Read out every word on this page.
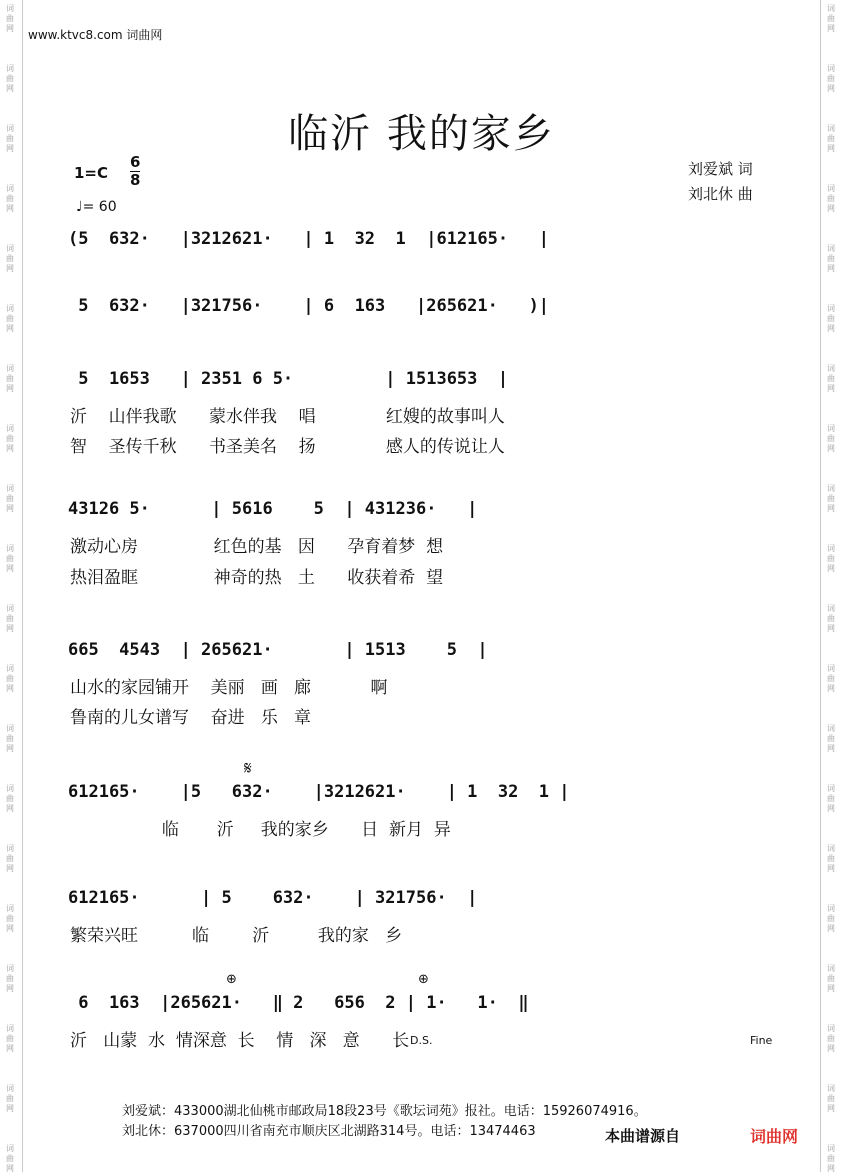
词
曲
网
词
曲
网
词
曲
网
词
曲
网
词
曲
网
词
曲
网
词
曲
网
词
曲
网
词
曲
网
词
曲
网
词
曲
网
词
曲
网
词
曲
网
词
曲
网
词
曲
网
词
曲
网
词
曲
网
词
曲
网
词
曲
网
词
曲
网
词
曲
网
词
曲
网
词
曲
网
词
曲
网
词
曲
网
词
曲
网
词
曲
网
词
曲
网
词
曲
网
词
曲
网
词
曲
网
词
曲
网
词
曲
网
词
曲
网
词
曲
网
词
曲
网
词
曲
网
词
曲
网
词
曲
网
词
曲
网
www.ktvc8.com 词曲网
临沂 我的家乡
1=C
6
8
♩= 60
刘爱斌 词
刘北休 曲
(5  632·   |3212621·   | 1  32  1  |612165·   |
5  632·   |321756·    | 6  163   |265621·   )|
5  1653   | 2351 6 5·         | 1513653  |
沂    山伴我歌      蒙水伴我    唱             红嫂的故事叫人
智    圣传千秋      书圣美名    扬             感人的传说让人
43126 5·      | 5616    5  | 431236·   |
激动心房              红色的基   因      孕育着梦  想
热泪盈眶              神奇的热   土      收获着希  望
665  4543  | 265621·       | 1513    5  |
山水的家园铺开    美丽   画   廊           啊
鲁南的儿女谱写    奋进   乐   章
612165·    |5   632·    |3212621·    | 1  32  1 |
临       沂     我的家乡      日  新月  异
612165·      | 5    632·    | 321756·  |
繁荣兴旺          临        沂         我的家   乡
6  163  |265621·   ‖ 2   656  2 | 1·   1·  ‖
沂   山蒙  水  情深意  长    情   深   意      长
𝄋
⊕	⊕
D.S.	Fine
刘爱斌：433000湖北仙桃市邮政局18段23号《歌坛词苑》报社。电话：15926074916。
刘北休：637000四川省南充市顺庆区北湖路314号。电话：13474463	本曲谱源自	词曲网
